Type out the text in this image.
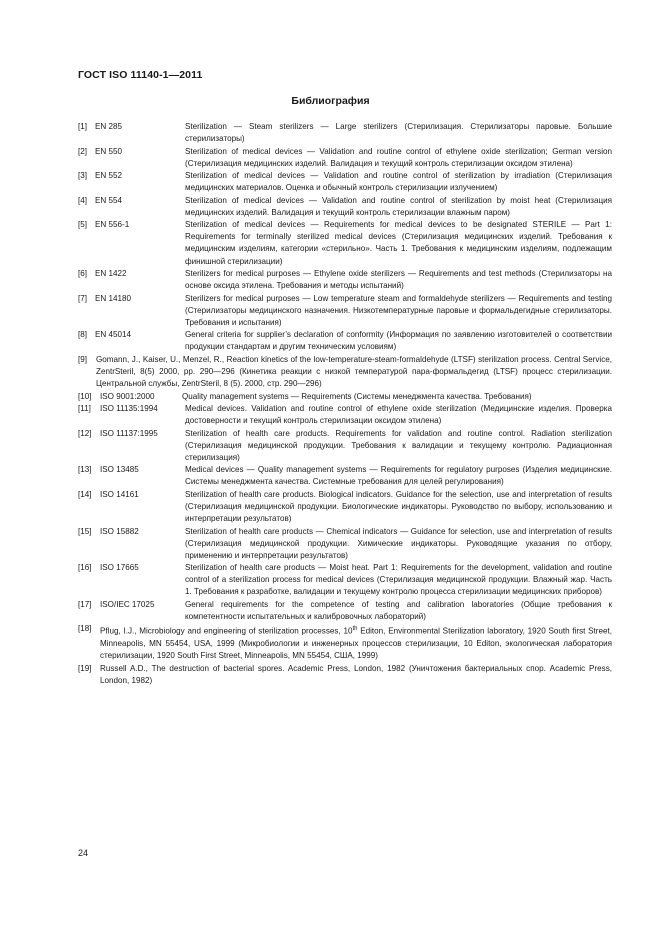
ГОСТ ISO 11140-1—2011
Библиография
[1] EN 285	Sterilization — Steam sterilizers — Large sterilizers (Стерилизация. Стерилизаторы паровые. Большие стерилизаторы)
[2] EN 550	Sterilization of medical devices — Validation and routine control of ethylene oxide sterilization; German version (Стерилизация медицинских изделий. Валидация и текущий контроль стерилизации оксидом этилена)
[3] EN 552	Sterilization of medical devices — Validation and routine control of sterilization by irradiation (Стерилизация медицинских материалов. Оценка и обычный контроль стерилизации излучением)
[4] EN 554	Sterilization of medical devices — Validation and routine control of sterilization by moist heat (Стерилизация медицинских изделий. Валидация и текущий контроль стерилизации влажным паром)
[5] EN 556-1	Sterilization of medical devices — Requirements for medical devices to be designated STERILE — Part 1: Requirements for terminally sterilized medical devices (Стерилизация медицинских изделий. Требования к медицинским изделиям, категории «стерильно». Часть 1. Требования к медицинским изделиям, подлежащим финишной стерилизации)
[6] EN 1422	Sterilizers for medical purposes — Ethylene oxide sterilizers — Requirements and test methods (Стерилизаторы на основе оксида этилена. Требования и методы испытаний)
[7] EN 14180	Sterilizers for medical purposes — Low temperature steam and formaldehyde sterilizers — Requirements and testing (Стерилизаторы медицинского назначения. Низкотемпературные паровые и формальдегидные стерилизаторы. Требования и испытания)
[8] EN 45014	General criteria for supplier’s declaration of conformity (Информация по заявлению изготовителей о соответствии продукции стандартам и другим техническим условиям)
[9] Gomann, J., Kaiser, U., Menzel, R., Reaction kinetics of the low-temperature-steam-formaldehyde (LTSF) sterilization process. Central Service, ZentrSteril, 8(5) 2000, pp. 290—296 (Кинетика реакции с низкой температурой пара-формальдегид (LTSF) процесс стерилизации. Центральной службы, ZentrSteril, 8 (5). 2000, стр. 290—296)
[10] ISO 9001:2000	Quality management systems — Requirements (Системы менеджмента качества. Требования)
[11] ISO 11135:1994	Medical devices. Validation and routine control of ethylene oxide sterilization (Медицинские изделия. Проверка достоверности и текущий контроль стерилизации оксидом этилена)
[12] ISO 11137:1995	Sterilization of health care products. Requirements for validation and routine control. Radiation sterilization (Стерилизация медицинской продукции. Требования к валидации и текущему контролю. Радиационная стерилизация)
[13] ISO 13485	Medical devices — Quality management systems — Requirements for regulatory purposes (Изделия медицинские. Системы менеджмента качества. Системные требования для целей регулирования)
[14] ISO 14161	Sterilization of health care products. Biological indicators. Guidance for the selection, use and interpretation of results (Стерилизация медицинской продукции. Биологические индикаторы. Руководство по выбору, использованию и интерпретации результатов)
[15] ISO 15882	Sterilization of health care products — Chemical indicators — Guidance for selection, use and interpretation of results (Стерилизация медицинской продукции. Химические индикаторы. Руководящие указания по отбору, применению и интерпретации результатов)
[16] ISO 17665	Sterilization of health care products — Moist heat. Part 1: Requirements for the development, validation and routine control of a sterilization process for medical devices (Стерилизация медицинской продукции. Влажный жар. Часть 1. Требования к разработке, валидации и текущему контролю процесса стерилизации медицинских приборов)
[17] ISO/IEC 17025	General requirements for the competence of testing and calibration laboratories (Общие требования к компетентности испытательных и калибровочных лабораторий)
[18] Pflug, I.J., Microbiology and engineering of sterilization processes, 10th Editon, Environmental Sterilization laboratory, 1920 South first Street, Minneapolis, MN 55454, USA, 1999 (Микробиологии и инженерных процессов стерилизации, 10 Editon, экологическая лаборатория стерилизации, 1920 South First Street, Minneapolis, MN 55454, США, 1999)
[19] Russell A.D., The destruction of bacterial spores. Academic Press, London, 1982 (Уничтожения бактериальных спор. Academic Press, London, 1982)
24
